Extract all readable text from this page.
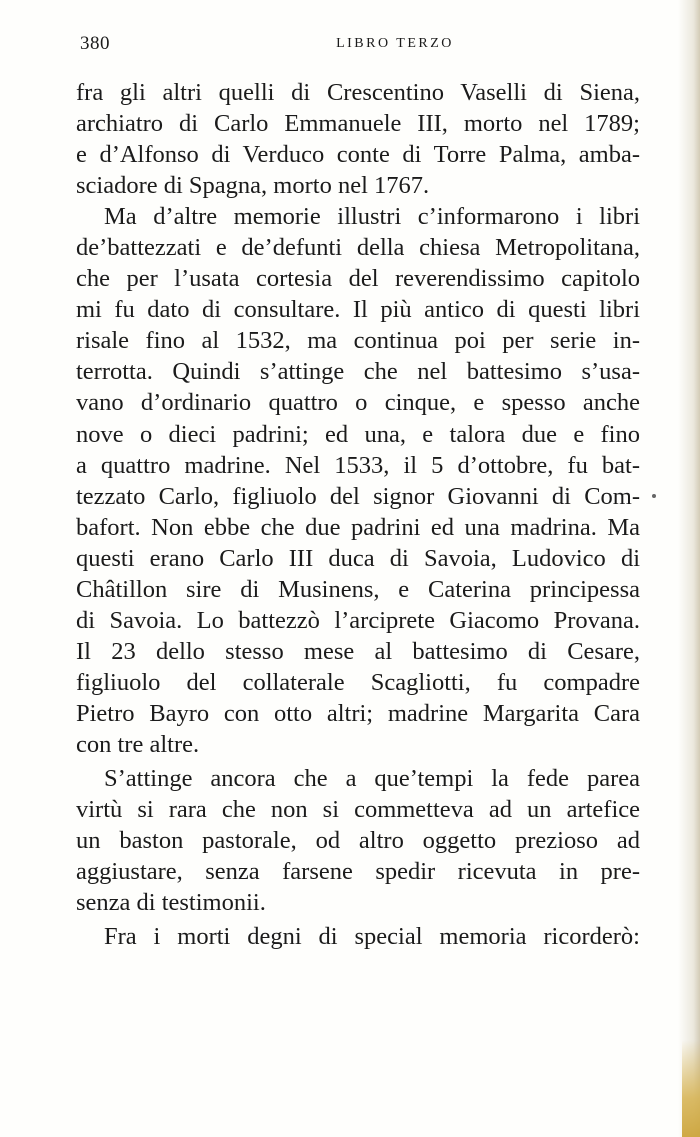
380	LIBRO TERZO
fra gli altri quelli di Crescentino Vaselli di Siena,
archiatro di Carlo Emmanuele III, morto nel 1789;
e d’Alfonso di Verduco conte di Torre Palma, amba-
sciadore di Spagna, morto nel 1767.
Ma d’altre memorie illustri c’informarono i libri
de’battezzati e de’defunti della chiesa Metropolitana,
che per l’usata cortesia del reverendissimo capitolo
mi fu dato di consultare. Il più antico di questi libri
risale fino al 1532, ma continua poi per serie in-
terrotta. Quindi s’attinge che nel battesimo s’usa-
vano d’ordinario quattro o cinque, e spesso anche
nove o dieci padrini; ed una, e talora due e fino
a quattro madrine. Nel 1533, il 5 d’ottobre, fu bat-
tezzato Carlo, figliuolo del signor Giovanni di Com-
bafort. Non ebbe che due padrini ed una madrina. Ma
questi erano Carlo III duca di Savoia, Ludovico di
Châtillon sire di Musinens, e Caterina principessa
di Savoia. Lo battezzò l’arciprete Giacomo Provana.
Il 23 dello stesso mese al battesimo di Cesare,
figliuolo del collaterale Scagliotti, fu compadre
Pietro Bayro con otto altri; madrine Margarita Cara
con tre altre.
S’attinge ancora che a que’tempi la fede parea
virtù si rara che non si commetteva ad un artefice
un baston pastorale, od altro oggetto prezioso ad
aggiustare, senza farsene spedir ricevuta in pre-
senza di testimonii.
Fra i morti degni di special memoria ricorderò:
